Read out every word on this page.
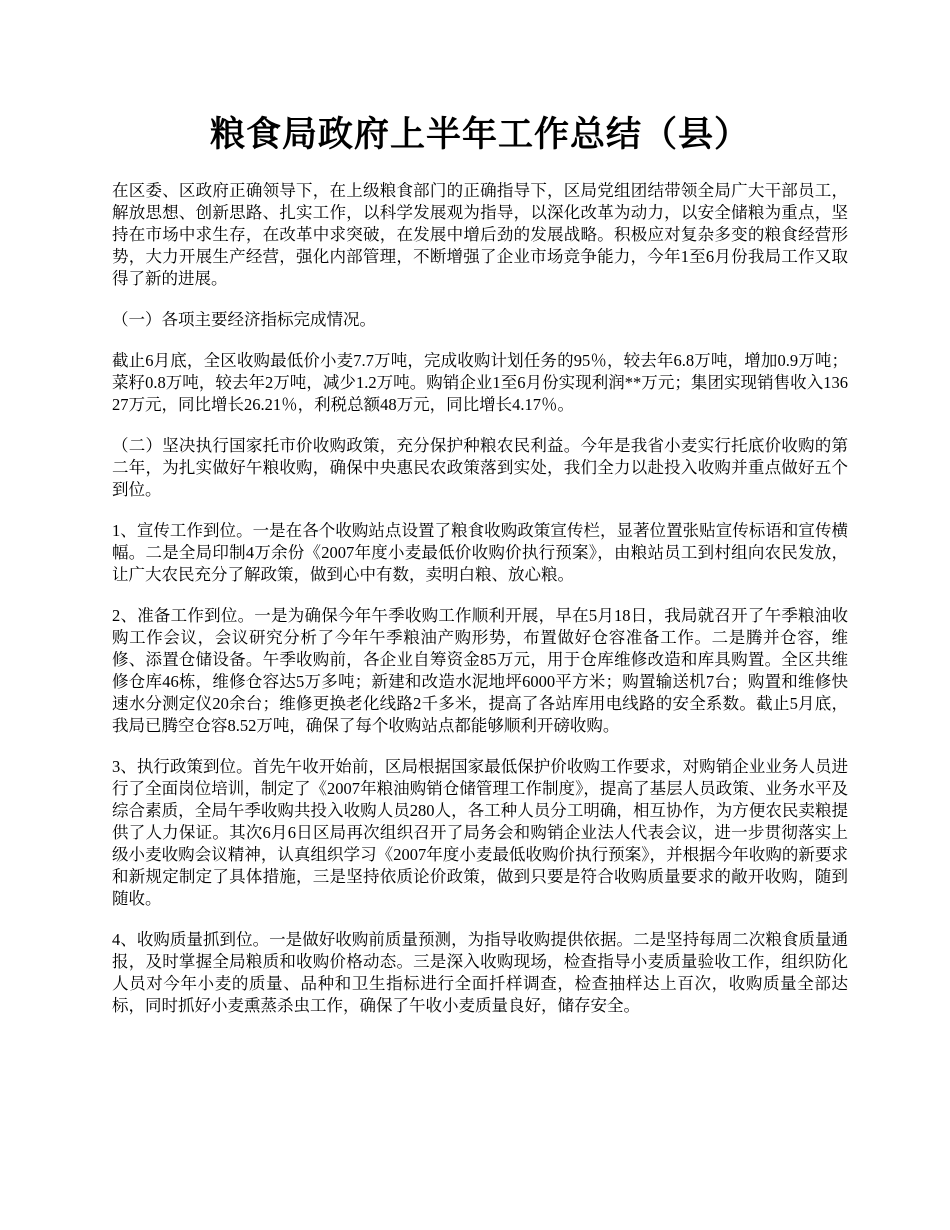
粮食局政府上半年工作总结（县）

在区委、区政府正确领导下，在上级粮食部门的正确指导下，区局党组团结带领全局广大干部员工，解放思想、创新思路、扎实工作，以科学发展观为指导，以深化改革为动力，以安全储粮为重点，坚持在市场中求生存，在改革中求突破，在发展中增后劲的发展战略。积极应对复杂多变的粮食经营形势，大力开展生产经营，强化内部管理，不断增强了企业市场竞争能力，今年1至6月份我局工作又取得了新的进展。

（一）各项主要经济指标完成情况。

截止6月底，全区收购最低价小麦7.7万吨，完成收购计划任务的95％，较去年6.8万吨，增加0.9万吨；菜籽0.8万吨，较去年2万吨，减少1.2万吨。购销企业1至6月份实现利润**万元；集团实现销售收入13627万元，同比增长26.21％，利税总额48万元，同比增长4.17％。

（二）坚决执行国家托市价收购政策，充分保护种粮农民利益。今年是我省小麦实行托底价收购的第二年，为扎实做好午粮收购，确保中央惠民农政策落到实处，我们全力以赴投入收购并重点做好五个到位。

1、宣传工作到位。一是在各个收购站点设置了粮食收购政策宣传栏，显著位置张贴宣传标语和宣传横幅。二是全局印制4万余份《2007年度小麦最低价收购价执行预案》，由粮站员工到村组向农民发放，让广大农民充分了解政策，做到心中有数，卖明白粮、放心粮。

2、准备工作到位。一是为确保今年午季收购工作顺利开展，早在5月18日，我局就召开了午季粮油收购工作会议，会议研究分析了今年午季粮油产购形势，布置做好仓容准备工作。二是腾并仓容，维修、添置仓储设备。午季收购前，各企业自筹资金85万元，用于仓库维修改造和库具购置。全区共维修仓库46栋，维修仓容达5万多吨；新建和改造水泥地坪6000平方米；购置输送机7台；购置和维修快速水分测定仪20余台；维修更换老化线路2千多米，提高了各站库用电线路的安全系数。截止5月底，我局已腾空仓容8.52万吨，确保了每个收购站点都能够顺利开磅收购。

3、执行政策到位。首先午收开始前，区局根据国家最低保护价收购工作要求，对购销企业业务人员进行了全面岗位培训，制定了《2007年粮油购销仓储管理工作制度》，提高了基层人员政策、业务水平及综合素质，全局午季收购共投入收购人员280人，各工种人员分工明确，相互协作，为方便农民卖粮提供了人力保证。其次6月6日区局再次组织召开了局务会和购销企业法人代表会议，进一步贯彻落实上级小麦收购会议精神，认真组织学习《2007年度小麦最低收购价执行预案》，并根据今年收购的新要求和新规定制定了具体措施，三是坚持依质论价政策，做到只要是符合收购质量要求的敞开收购，随到随收。

4、收购质量抓到位。一是做好收购前质量预测，为指导收购提供依据。二是坚持每周二次粮食质量通报，及时掌握全局粮质和收购价格动态。三是深入收购现场，检查指导小麦质量验收工作，组织防化人员对今年小麦的质量、品种和卫生指标进行全面扦样调查，检查抽样达上百次，收购质量全部达标，同时抓好小麦熏蒸杀虫工作，确保了午收小麦质量良好，储存安全。
